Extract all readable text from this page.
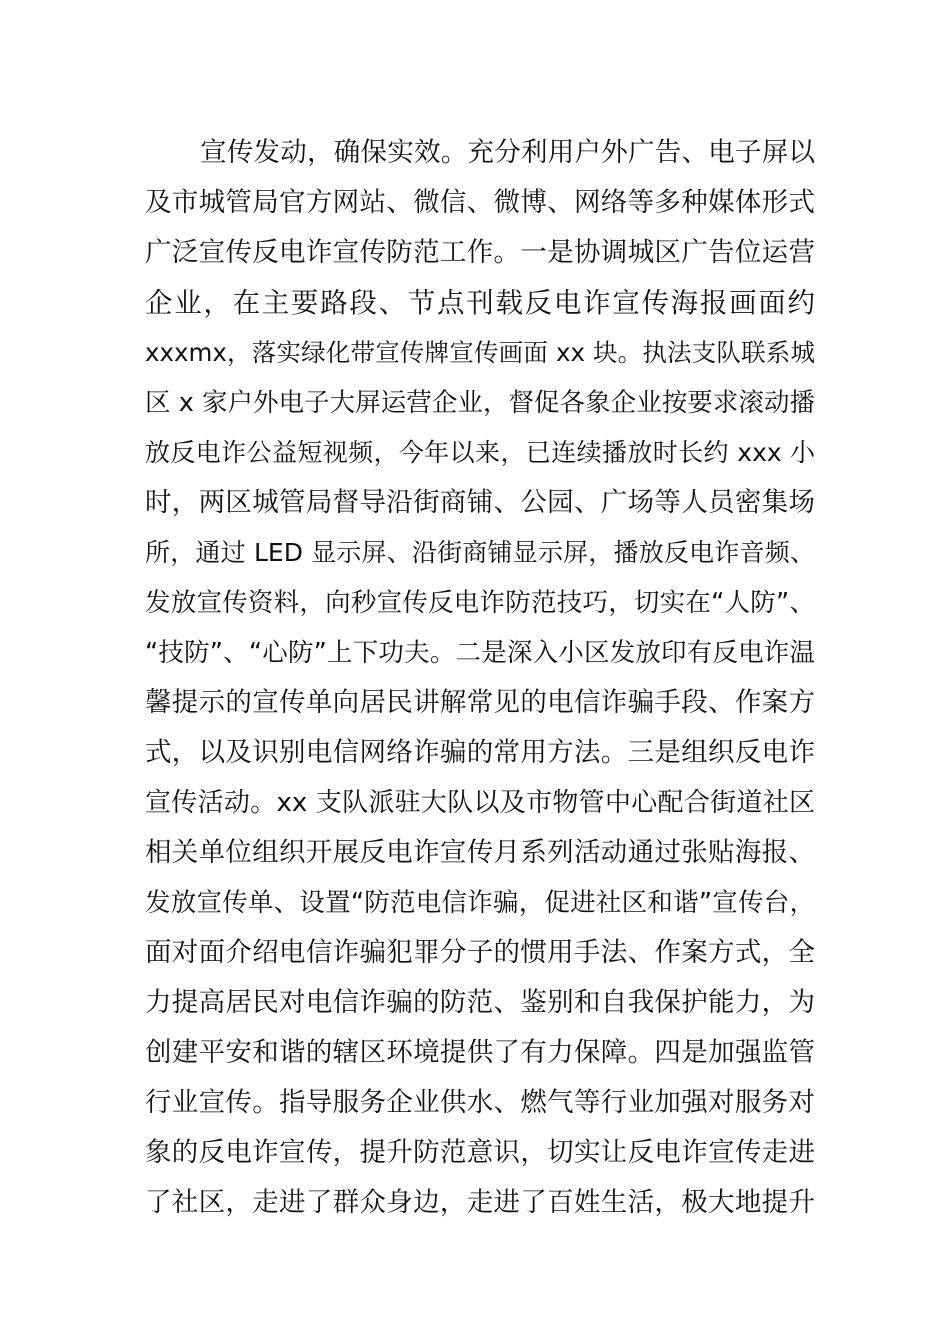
宣传发动，确保实效。充分利用户外广告、电子屏以
及市城管局官方网站、微信、微博、网络等多种媒体形式
广泛宣传反电诈宣传防范工作。一是协调城区广告位运营
企业，在主要路段、节点刊载反电诈宣传海报画面约
xxxmx，落实绿化带宣传牌宣传画面 xx 块。执法支队联系城
区 x 家户外电子大屏运营企业，督促各象企业按要求滚动播
放反电诈公益短视频，今年以来，已连续播放时长约 xxx 小
时，两区城管局督导沿街商铺、公园、广场等人员密集场
所，通过 LED 显示屏、沿街商铺显示屏，播放反电诈音频、
发放宣传资料，向秒宣传反电诈防范技巧，切实在“人防”、
“技防”、“心防”上下功夫。二是深入小区发放印有反电诈温
馨提示的宣传单向居民讲解常见的电信诈骗手段、作案方
式，以及识别电信网络诈骗的常用方法。三是组织反电诈
宣传活动。xx 支队派驻大队以及市物管中心配合街道社区
相关单位组织开展反电诈宣传月系列活动通过张贴海报、
发放宣传单、设置“防范电信诈骗，促进社区和谐”宣传台，
面对面介绍电信诈骗犯罪分子的惯用手法、作案方式，全
力提高居民对电信诈骗的防范、鉴别和自我保护能力，为
创建平安和谐的辖区环境提供了有力保障。四是加强监管
行业宣传。指导服务企业供水、燃气等行业加强对服务对
象的反电诈宣传，提升防范意识，切实让反电诈宣传走进
了社区，走进了群众身边，走进了百姓生活，极大地提升
